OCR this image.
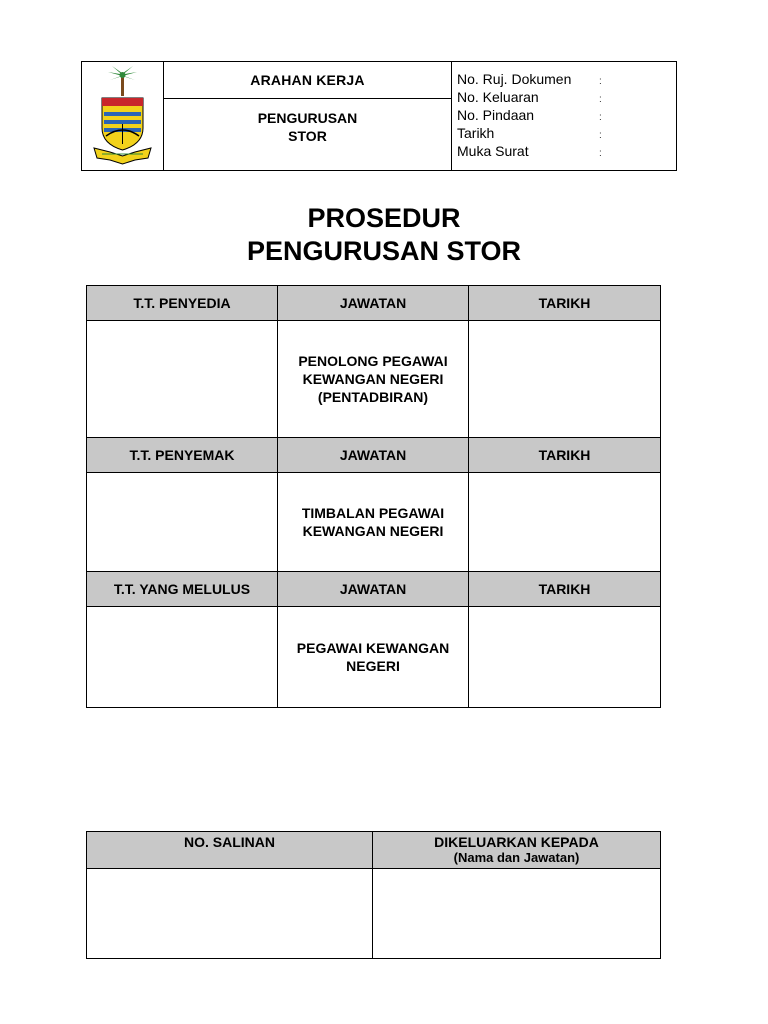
ARAHAN KERJA
PENGURUSAN
STOR
No. Ruj. Dokumen	:
No. Keluaran	:
No. Pindaan	:
Tarikh	:
Muka Surat	:
PROSEDUR
PENGURUSAN STOR
T.T. PENYEDIA	JAWATAN	TARIKH

	PENOLONG PEGAWAI
KEWANGAN NEGERI
(PENTADBIRAN)	

T.T. PENYEMAK	JAWATAN	TARIKH

	TIMBALAN PEGAWAI
KEWANGAN NEGERI	

T.T. YANG MELULUS	JAWATAN	TARIKH

	PEGAWAI KEWANGAN
NEGERI	

NO. SALINAN	DIKELUARKAN KEPADA
(Nama dan Jawatan)
